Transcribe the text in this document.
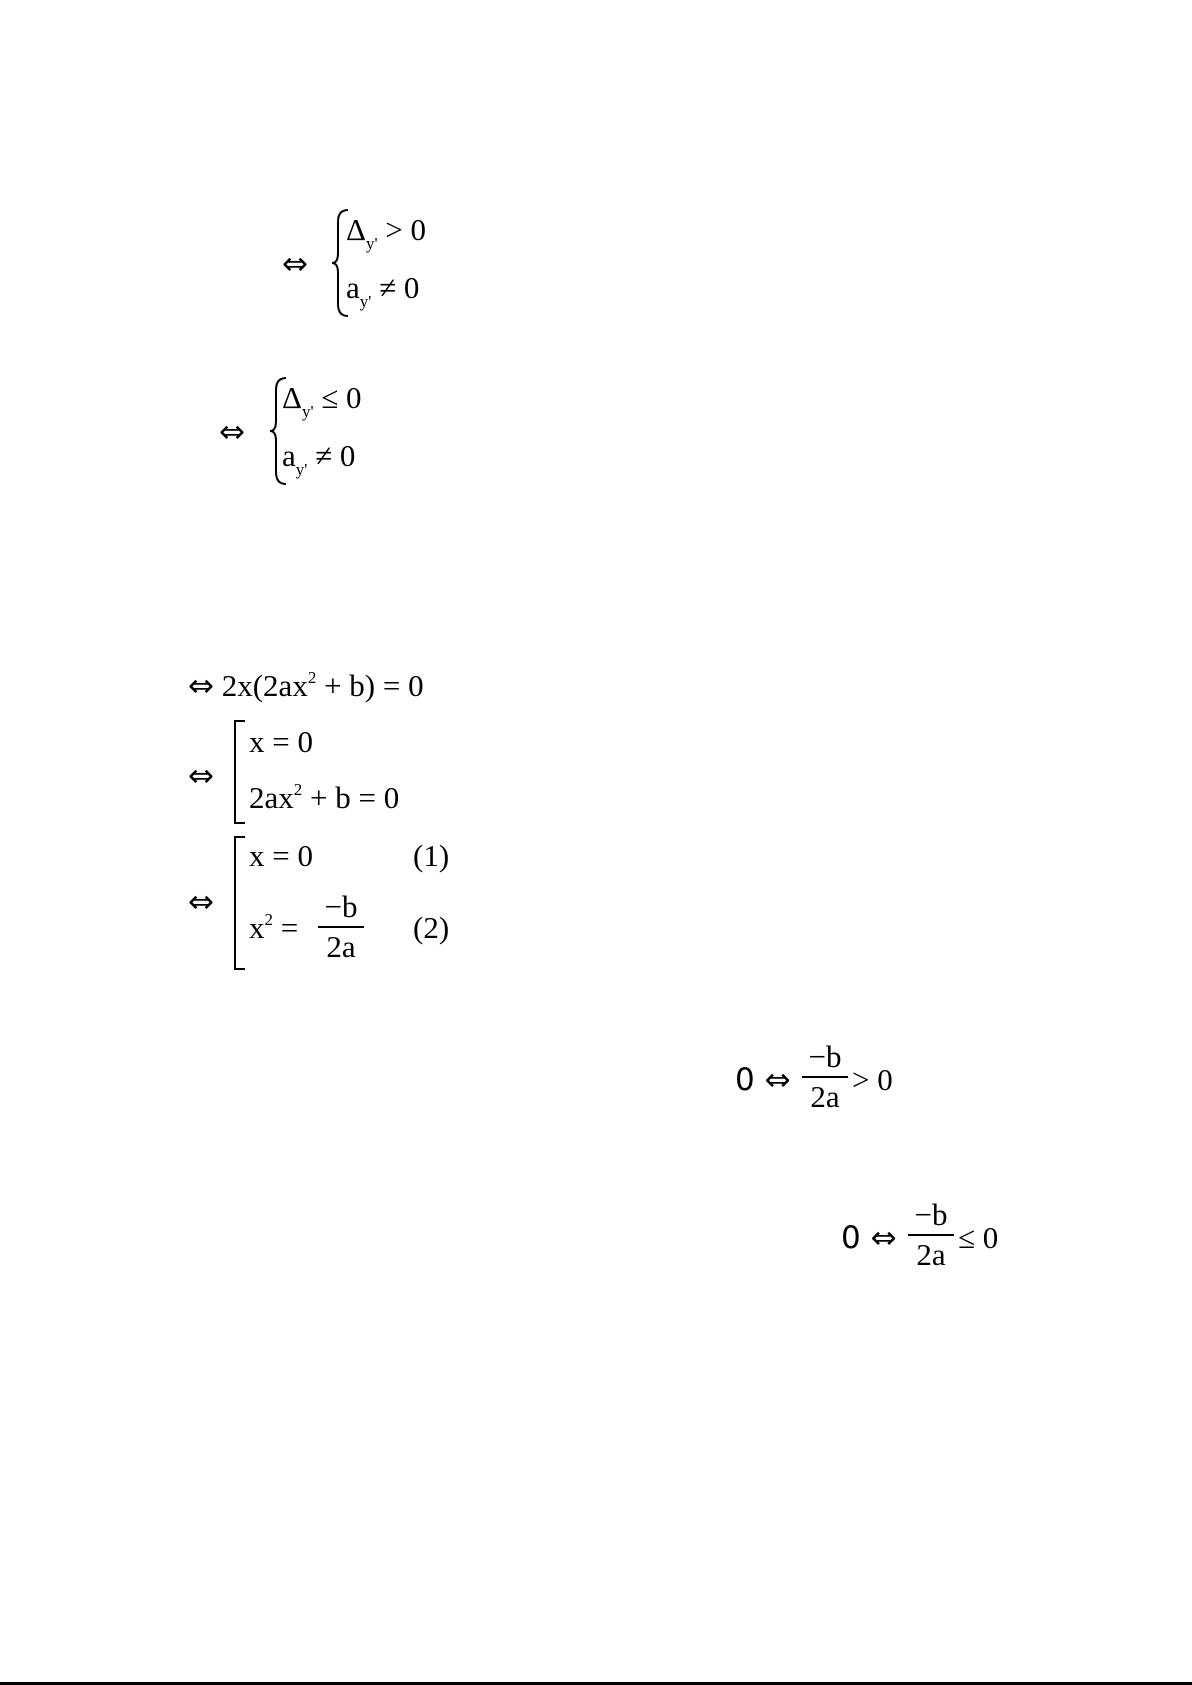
⇔
$\Delta_{y'} > 0$
$a_{y'} \ne 0$
⇔
$\Delta_{y'} \le 0$
$a_{y'} \ne 0$
⇔ $2x(2ax^2 + b) = 0$
⇔
x = 0
$2ax^2 + b = 0$
⇔
x = 0	(1)
$x^2$ =
−b
2a
(2)
0 ⇔
−b
2a > 0
0 ⇔
−b
2a ≤ 0
